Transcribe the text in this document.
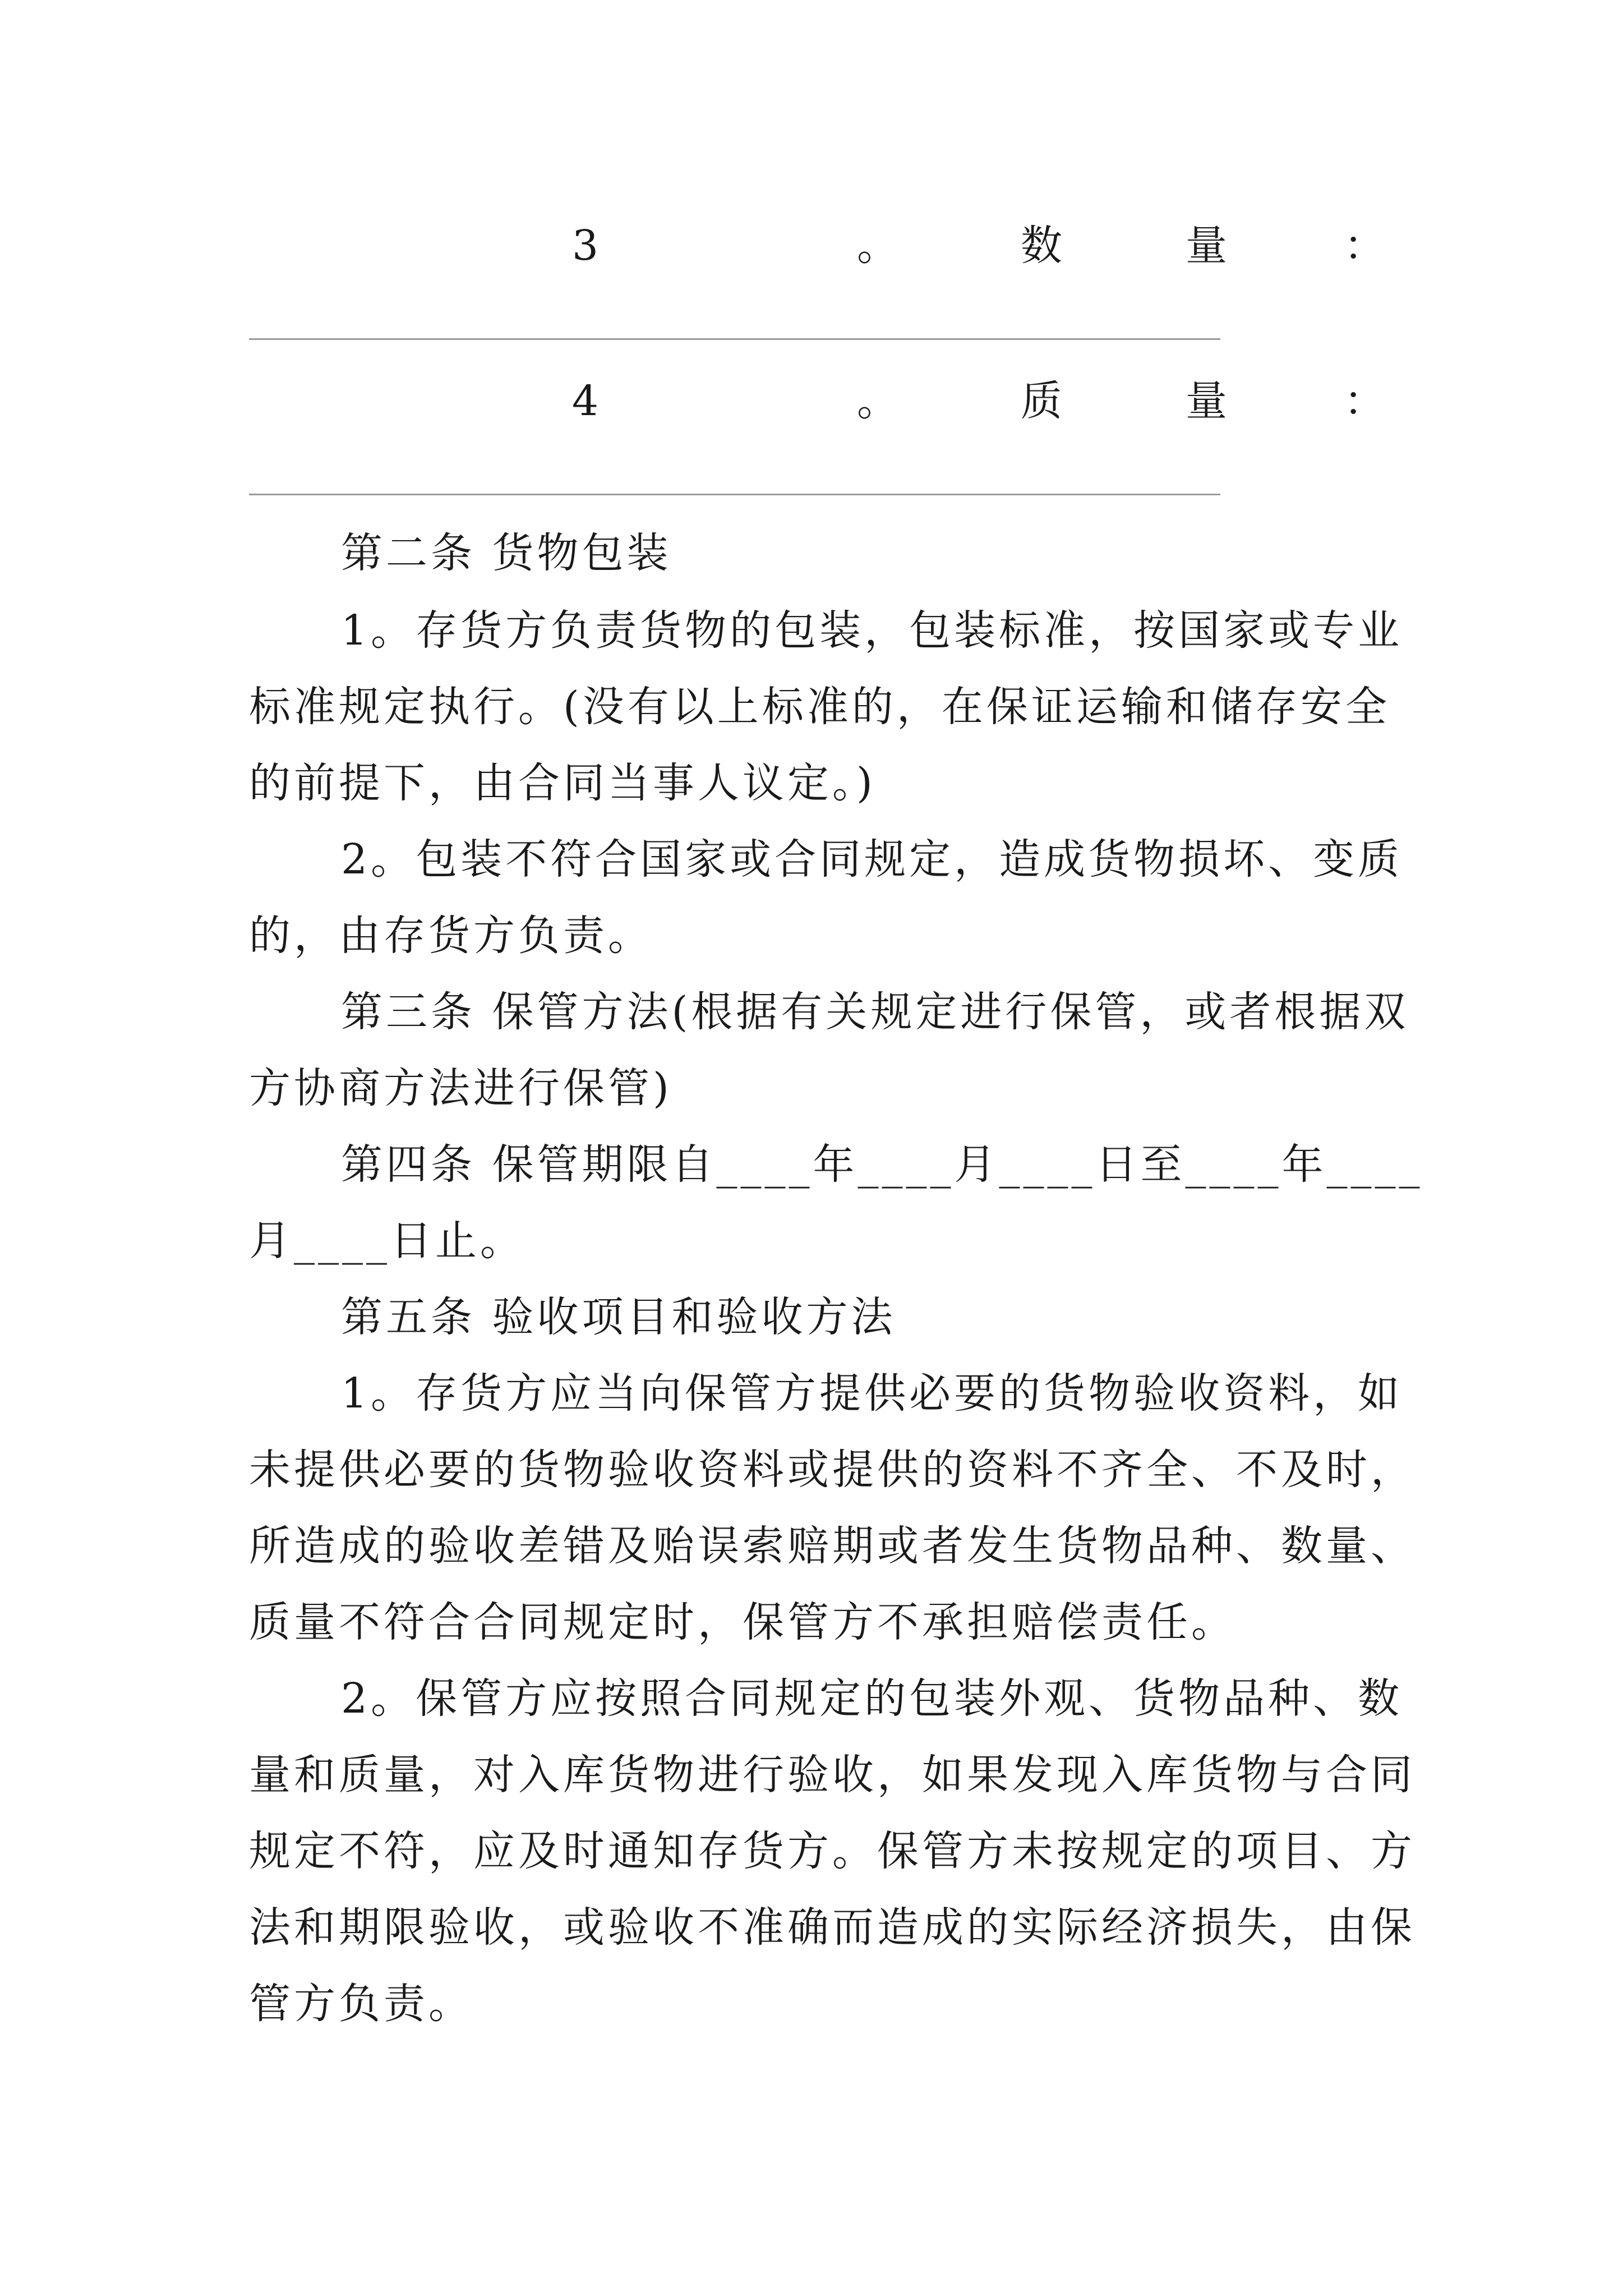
3	。	数	量	：
4	。	质	量	：
第二条 货物包装
1。存货方负责货物的包装，包装标准，按国家或专业
标准规定执行。(没有以上标准的，在保证运输和储存安全
的前提下，由合同当事人议定。)
2。包装不符合国家或合同规定，造成货物损坏、变质
的，由存货方负责。
第三条 保管方法(根据有关规定进行保管，或者根据双
方协商方法进行保管)
第四条 保管期限自____年____月____日至____年____
月____日止。
第五条 验收项目和验收方法
1。存货方应当向保管方提供必要的货物验收资料，如
未提供必要的货物验收资料或提供的资料不齐全、不及时，
所造成的验收差错及贻误索赔期或者发生货物品种、数量、
质量不符合合同规定时，保管方不承担赔偿责任。
2。保管方应按照合同规定的包装外观、货物品种、数
量和质量，对入库货物进行验收，如果发现入库货物与合同
规定不符，应及时通知存货方。保管方未按规定的项目、方
法和期限验收，或验收不准确而造成的实际经济损失，由保
管方负责。
